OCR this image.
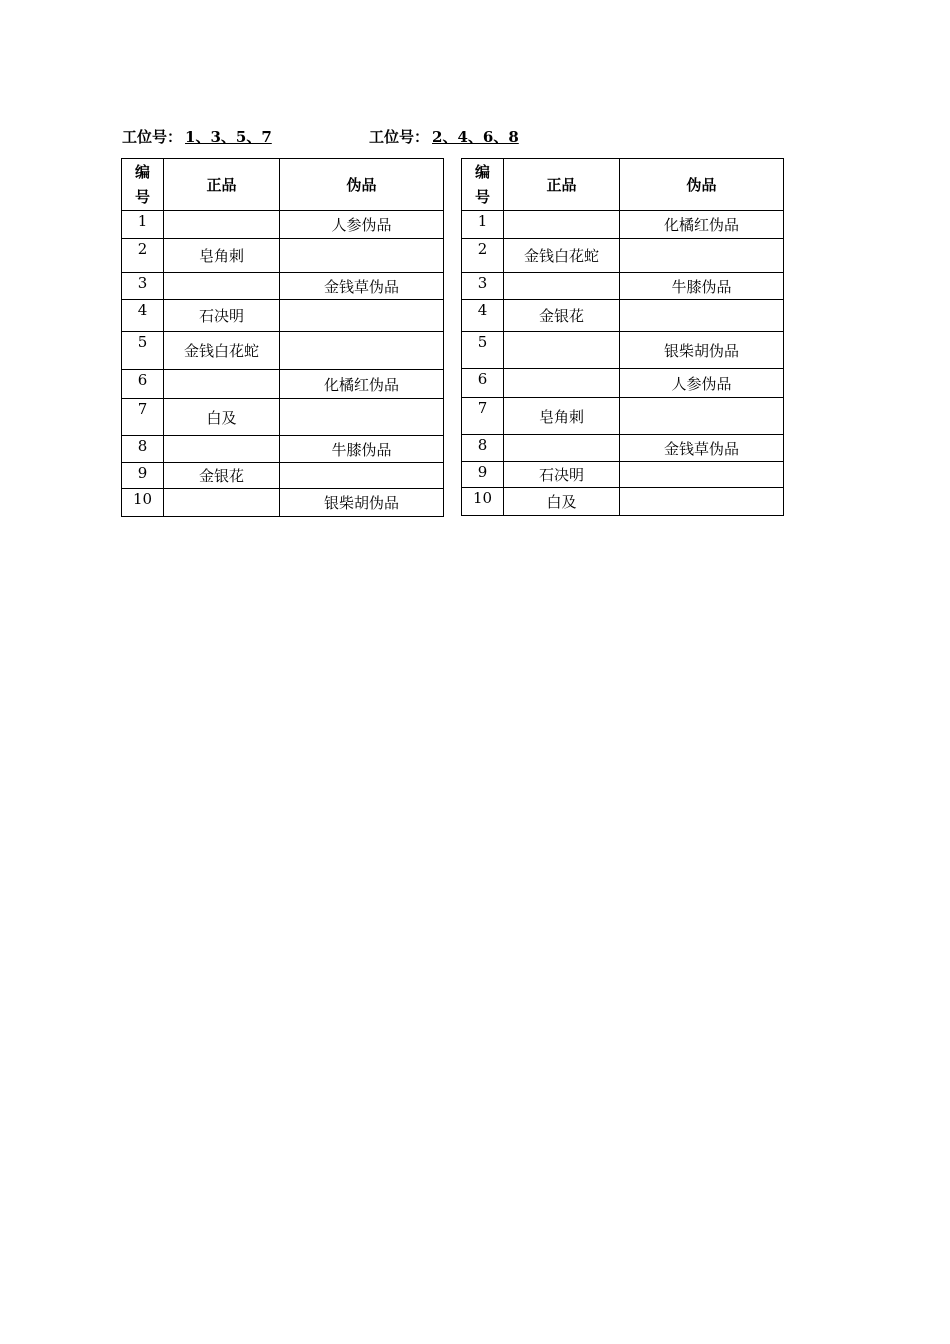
工位号： 1、3、5、7	工位号： 2、4、6、8
编
号	正品	伪品
1		人参伪品
2	皂角刺	
3		金钱草伪品
4	石决明	
5	金钱白花蛇	
6		化橘红伪品
7	白及	
8		牛膝伪品
9	金银花	
10		银柴胡伪品
编
号	正品	伪品
1		化橘红伪品
2	金钱白花蛇	
3		牛膝伪品
4	金银花	
5		银柴胡伪品
6		人参伪品
7	皂角刺	
8		金钱草伪品
9	石决明	
10	白及	
